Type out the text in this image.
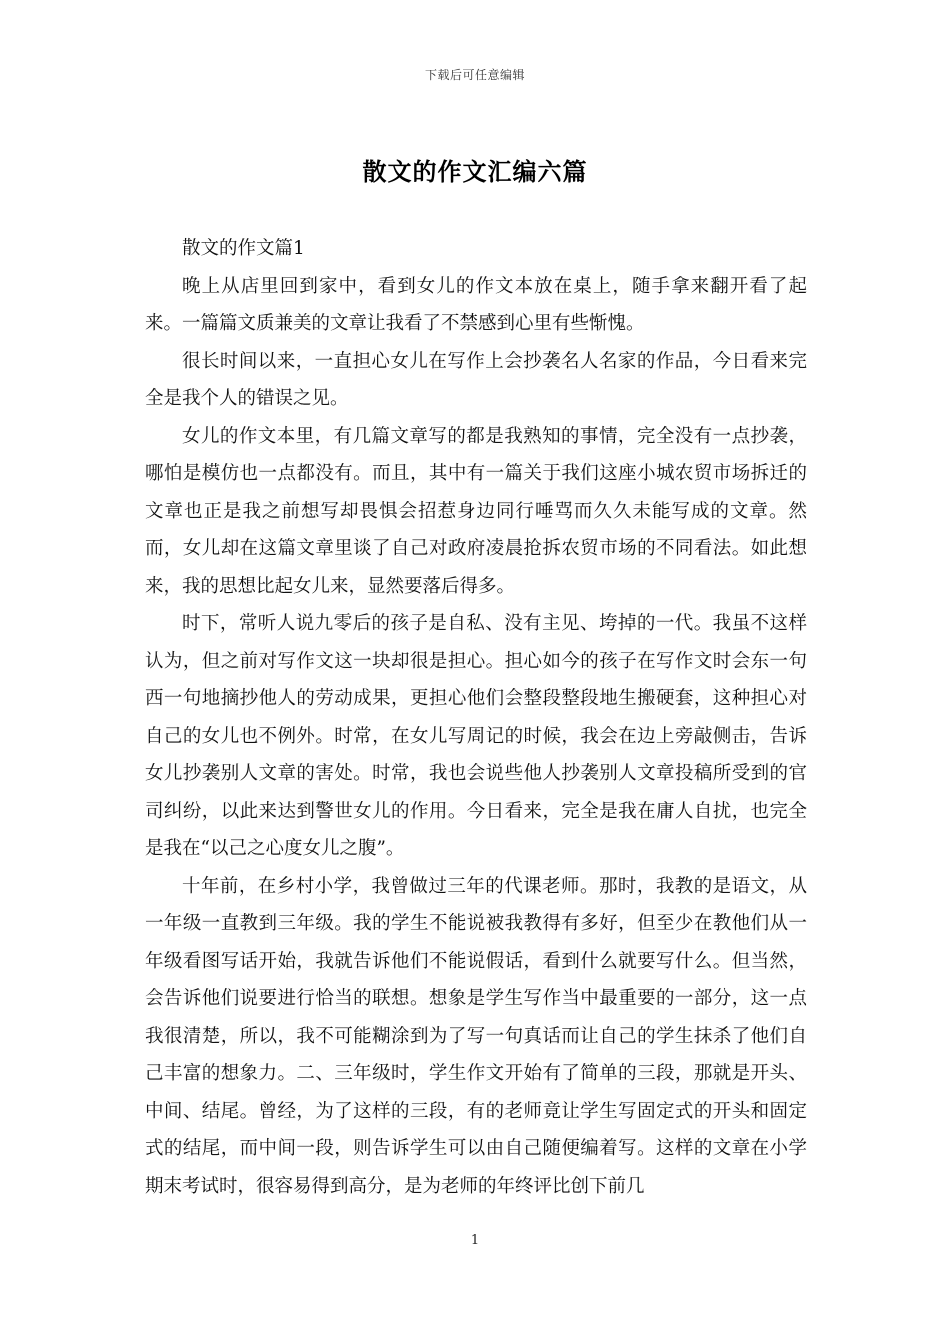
下载后可任意编辑
散文的作文汇编六篇

散文的作文篇1

晚上从店里回到家中，看到女儿的作文本放在桌上，随手拿来翻开看了起来。一篇篇文质兼美的文章让我看了不禁感到心里有些惭愧。

很长时间以来，一直担心女儿在写作上会抄袭名人名家的作品，今日看来完全是我个人的错误之见。

女儿的作文本里，有几篇文章写的都是我熟知的事情，完全没有一点抄袭，哪怕是模仿也一点都没有。而且，其中有一篇关于我们这座小城农贸市场拆迁的文章也正是我之前想写却畏惧会招惹身边同行唾骂而久久未能写成的文章。然而，女儿却在这篇文章里谈了自己对政府凌晨抢拆农贸市场的不同看法。如此想来，我的思想比起女儿来，显然要落后得多。

时下，常听人说九零后的孩子是自私、没有主见、垮掉的一代。我虽不这样认为，但之前对写作文这一块却很是担心。担心如今的孩子在写作文时会东一句西一句地摘抄他人的劳动成果，更担心他们会整段整段地生搬硬套，这种担心对自己的女儿也不例外。时常，在女儿写周记的时候，我会在边上旁敲侧击，告诉女儿抄袭别人文章的害处。时常，我也会说些他人抄袭别人文章投稿所受到的官司纠纷，以此来达到警世女儿的作用。今日看来，完全是我在庸人自扰，也完全是我在“以己之心度女儿之腹”。

十年前，在乡村小学，我曾做过三年的代课老师。那时，我教的是语文，从一年级一直教到三年级。我的学生不能说被我教得有多好，但至少在教他们从一年级看图写话开始，我就告诉他们不能说假话，看到什么就要写什么。但当然，会告诉他们说要进行恰当的联想。想象是学生写作当中最重要的一部分，这一点我很清楚，所以，我不可能糊涂到为了写一句真话而让自己的学生抹杀了他们自己丰富的想象力。二、三年级时，学生作文开始有了简单的三段，那就是开头、中间、结尾。曾经，为了这样的三段，有的老师竟让学生写固定式的开头和固定式的结尾，而中间一段，则告诉学生可以由自己随便编着写。这样的文章在小学期末考试时，很容易得到高分，是为老师的年终评比创下前几

1
